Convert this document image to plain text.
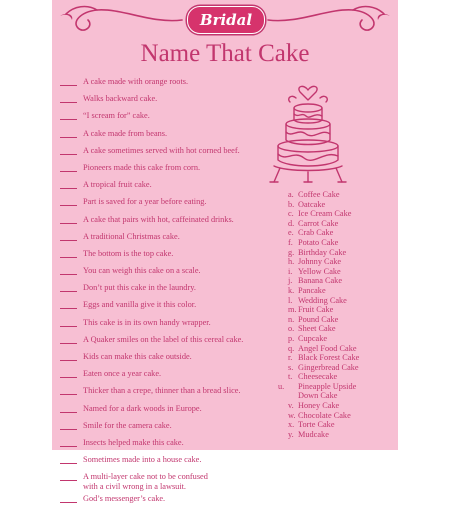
Bridal
Name That Cake
A cake made with orange roots.
Walks backward cake.
“I scream for” cake.
A cake made from beans.
A cake sometimes served with hot corned beef.
Pioneers made this cake from corn.
A tropical fruit cake.
Part is saved for a year before eating.
A cake that pairs with hot, caffeinated drinks.
A traditional Christmas cake.
The bottom is the top cake.
You can weigh this cake on a scale.
Don’t put this cake in the laundry.
Eggs and vanilla give it this color.
This cake is in its own handy wrapper.
A Quaker smiles on the label of this cereal cake.
Kids can make this cake outside.
Eaten once a year cake.
Thicker than a crepe, thinner than a bread slice.
Named for a dark woods in Europe.
Smile for the camera cake.
Insects helped make this cake.
Sometimes made into a house cake.
A multi-layer cake not to be confused
with a civil wrong in a lawsuit.
God’s messenger’s cake.
a. Coffee Cake
b. Oatcake
c. Ice Cream Cake
d. Carrot Cake
e. Crab Cake
f. Potato Cake
g. Birthday Cake
h. Johnny Cake
i. Yellow Cake
j. Banana Cake
k. Pancake
l. Wedding Cake
m.Fruit Cake
n. Pound Cake
o. Sheet Cake
p. Cupcake
q. Angel Food Cake
r. Black Forest Cake
s. Gingerbread Cake
t. Cheesecake
u. Pineapple Upside
Down Cake
v. Honey Cake
w. Chocolate Cake
x. Torte Cake
y. Mudcake
